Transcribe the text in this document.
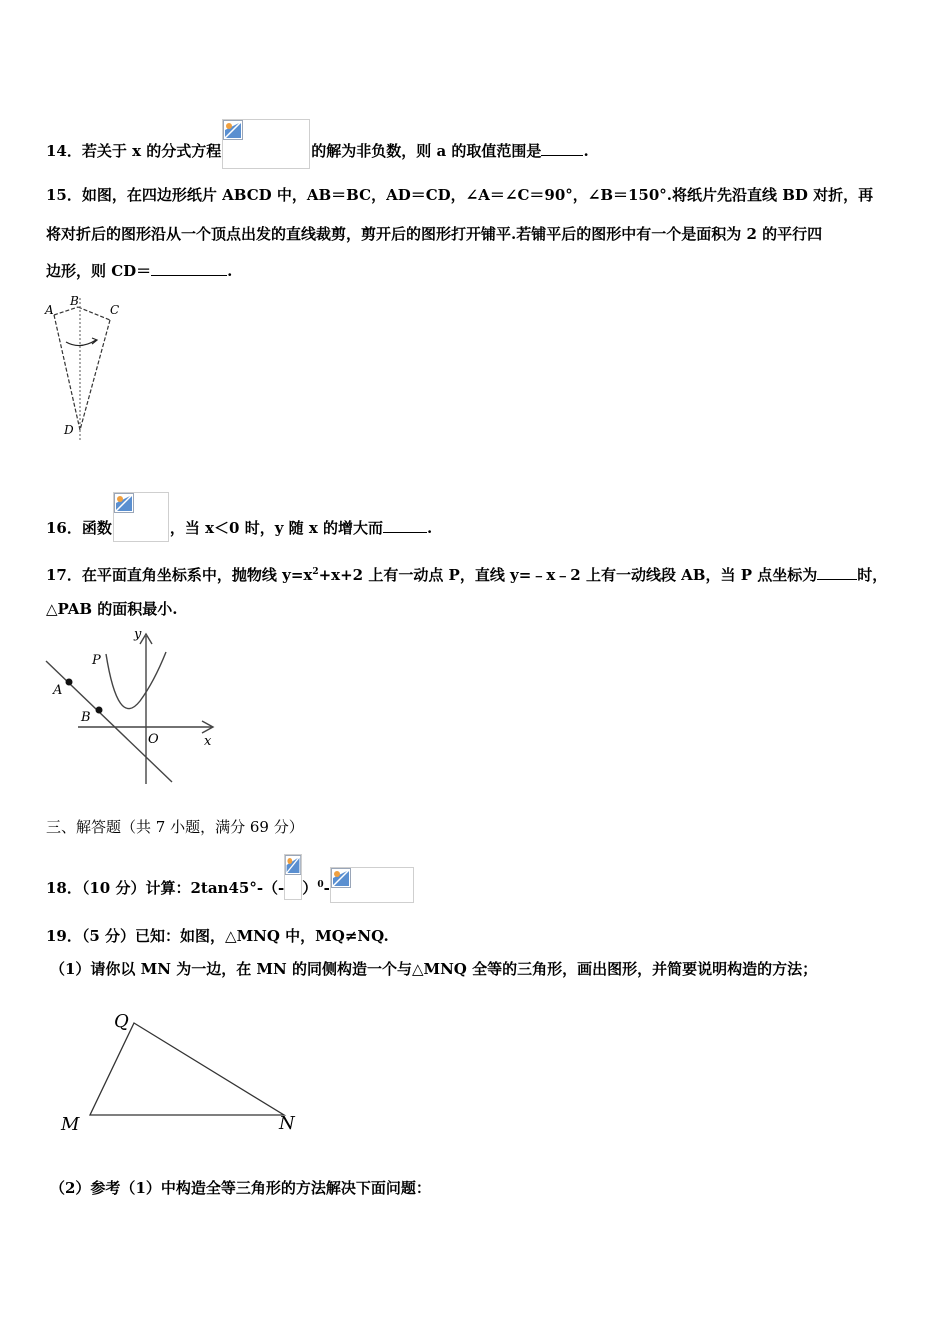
14．若关于 x 的分式方程	的解为非负数，则 a 的取值范围是	.
15．如图，在四边形纸片 ABCD 中，AB＝BC，AD＝CD，∠A＝∠C＝90°，∠B＝150°.将纸片先沿直线 BD 对折，再
将对折后的图形沿从一个顶点出发的直线裁剪，剪开后的图形打开铺平.若铺平后的图形中有一个是面积为 2 的平行四
边形，则 CD＝	.
A
B
C
D
16．函数	，当 x＜0 时，y 随 x 的增大而	.
17．在平面直角坐标系中，抛物线 $y=x^2+x+2$ 上有一动点 P，直线 y=﹣x﹣2 上有一动线段 AB，当 P 点坐标为	时，
△PAB 的面积最小.
y
x
O
P
A
B
三、解答题（共 7 小题，满分 69 分）
18．（10 分）计算：2tan45°-（- ）$^0$-
19．（5 分）已知：如图，△MNQ 中，MQ≠NQ.
（1）请你以 MN 为一边，在 MN 的同侧构造一个与△MNQ 全等的三角形，画出图形，并简要说明构造的方法；
Q
M	N
（2）参考（1）中构造全等三角形的方法解决下面问题：
